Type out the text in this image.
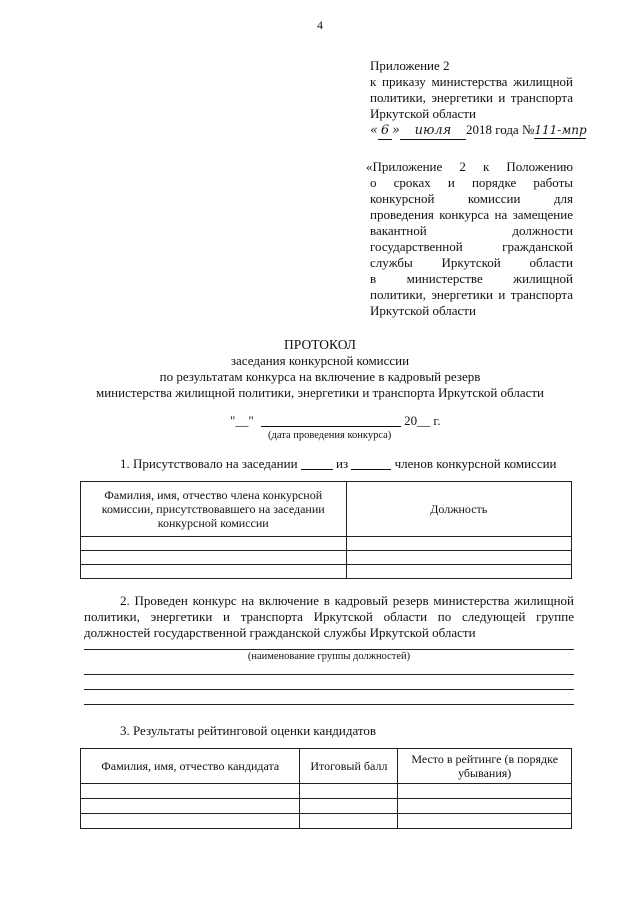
4
Приложение 2
к приказу министерства жилищной
политики, энергетики и транспорта
Иркутской области
« 6 » июля 2018 года №111-мпр
«Приложение 2 к Положению
о сроках и порядке работы
конкурсной комиссии для
проведения конкурса на замещение
вакантной должности
государственной гражданской
службы Иркутской области
в министерстве жилищной
политики, энергетики и транспорта
Иркутской области
ПРОТОКОЛ
заседания конкурсной комиссии
по результатам конкурса на включение в кадровый резерв
министерства жилищной политики, энергетики и транспорта Иркутской области
"__"	20__ г.
(дата проведения конкурса)
1. Присутствовало на заседании	из	членов конкурсной комиссии
Фамилия, имя, отчество члена конкурсной комиссии, присутствовавшего на заседании конкурсной комиссии	Должность

2. Проведен конкурс на включение в кадровый резерв министерства жилищной
политики, энергетики и транспорта Иркутской области по следующей группе
должностей государственной гражданской службы Иркутской области
(наименование группы должностей)
3. Результаты рейтинговой оценки кандидатов
Фамилия, имя, отчество кандидата	Итоговый балл	Место в рейтинге (в порядке убывания)
